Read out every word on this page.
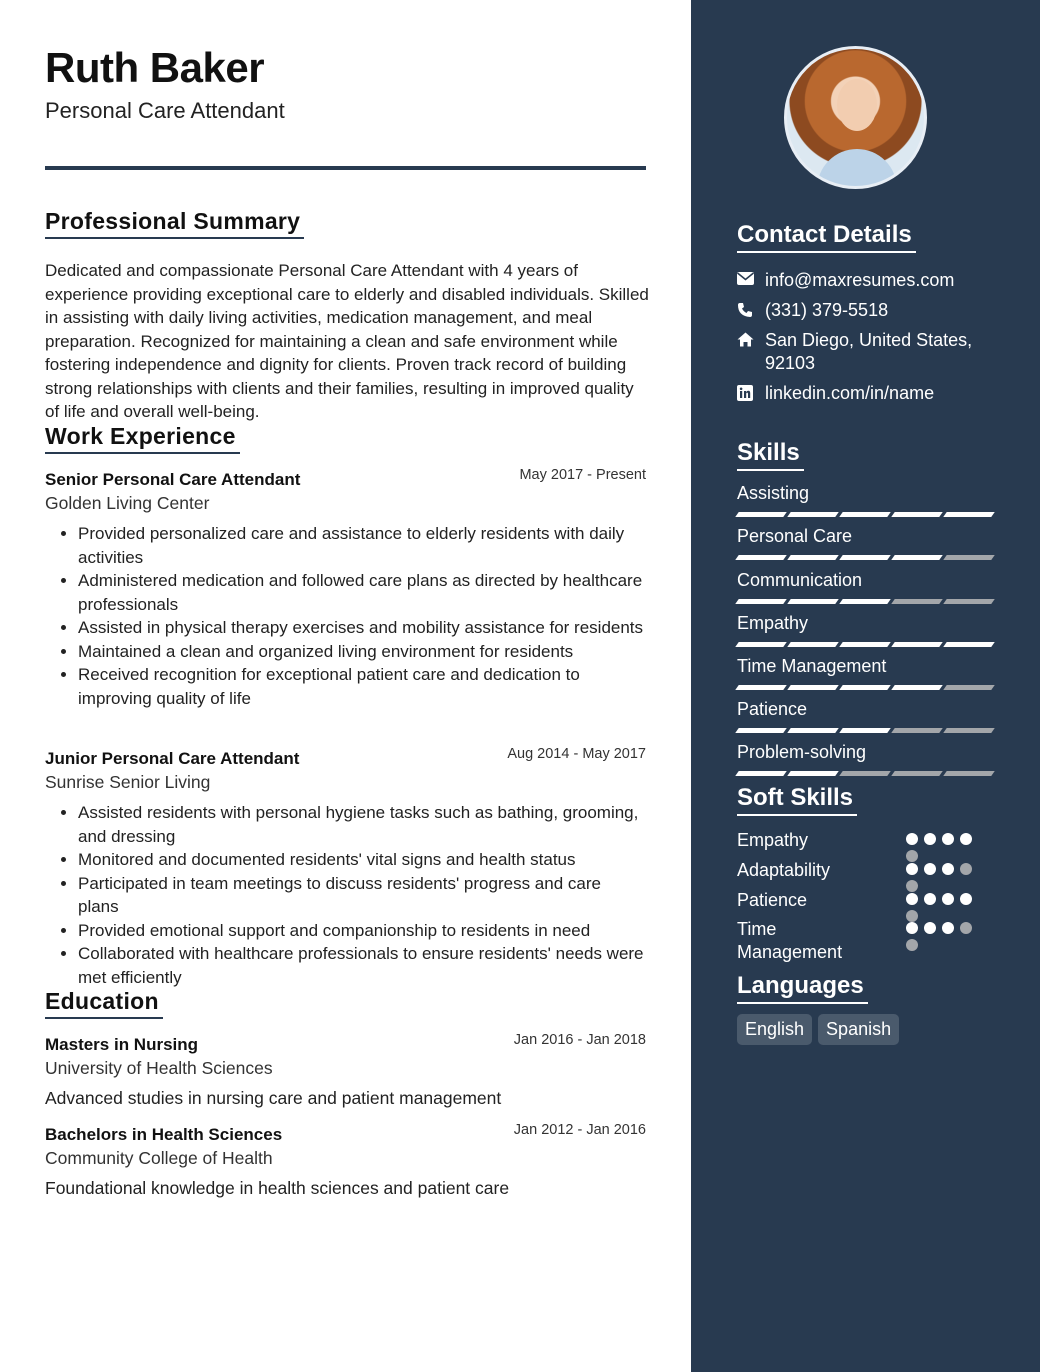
Ruth Baker
Personal Care Attendant
Professional Summary
Dedicated and compassionate Personal Care Attendant with 4 years of experience providing exceptional care to elderly and disabled individuals. Skilled in assisting with daily living activities, medication management, and meal preparation. Recognized for maintaining a clean and safe environment while fostering independence and dignity for clients. Proven track record of building strong relationships with clients and their families, resulting in improved quality of life and overall well-being.
Work Experience
Senior Personal Care Attendant	May 2017 - Present
Golden Living Center
• Provided personalized care and assistance to elderly residents with daily activities
• Administered medication and followed care plans as directed by healthcare professionals
• Assisted in physical therapy exercises and mobility assistance for residents
• Maintained a clean and organized living environment for residents
• Received recognition for exceptional patient care and dedication to improving quality of life
Junior Personal Care Attendant	Aug 2014 - May 2017
Sunrise Senior Living
• Assisted residents with personal hygiene tasks such as bathing, grooming, and dressing
• Monitored and documented residents' vital signs and health status
• Participated in team meetings to discuss residents' progress and care plans
• Provided emotional support and companionship to residents in need
• Collaborated with healthcare professionals to ensure residents' needs were met efficiently
Education
Masters in Nursing	Jan 2016 - Jan 2018
University of Health Sciences
Advanced studies in nursing care and patient management
Bachelors in Health Sciences	Jan 2012 - Jan 2016
Community College of Health
Foundational knowledge in health sciences and patient care
Contact Details
info@maxresumes.com
(331) 379-5518
San Diego, United States, 92103
linkedin.com/in/name
Skills
Assisting
Personal Care
Communication
Empathy
Time Management
Patience
Problem-solving
Soft Skills
Empathy
Adaptability
Patience
Time Management
Languages
English	Spanish
